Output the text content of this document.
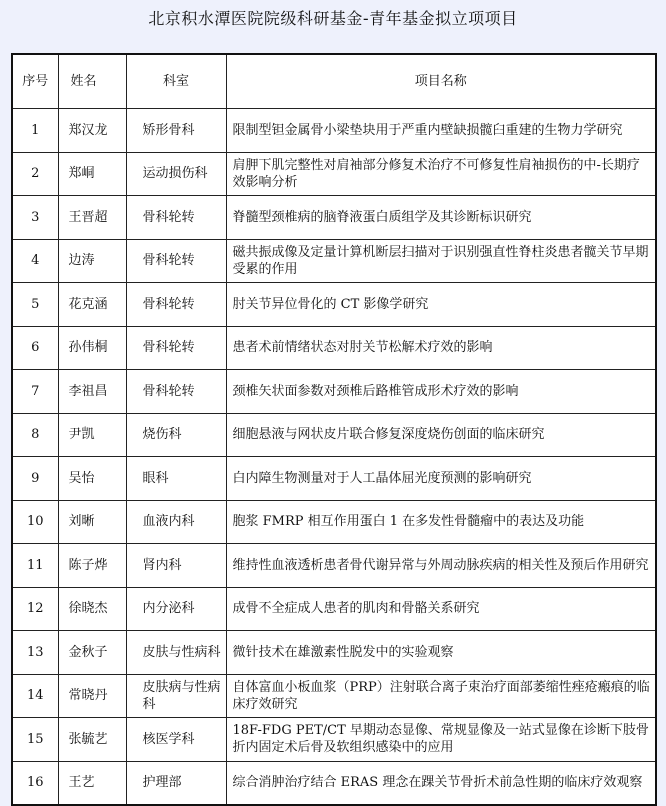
北京积水潭医院院级科研基金-青年基金拟立项项目
序号	姓名	科室	项目名称
1	郑汉龙	矫形骨科	限制型钽金属骨小梁垫块用于严重内壁缺损髋臼重建的生物力学研究
2	郑峒	运动损伤科	肩胛下肌完整性对肩袖部分修复术治疗不可修复性肩袖损伤的中-长期疗效影响分析
3	王晋超	骨科轮转	脊髓型颈椎病的脑脊液蛋白质组学及其诊断标识研究
4	边涛	骨科轮转	磁共振成像及定量计算机断层扫描对于识别强直性脊柱炎患者髋关节早期受累的作用
5	花克涵	骨科轮转	肘关节异位骨化的 CT 影像学研究
6	孙伟桐	骨科轮转	患者术前情绪状态对肘关节松解术疗效的影响
7	李祖昌	骨科轮转	颈椎矢状面参数对颈椎后路椎管成形术疗效的影响
8	尹凯	烧伤科	细胞悬液与网状皮片联合修复深度烧伤创面的临床研究
9	吴怡	眼科	白内障生物测量对于人工晶体屈光度预测的影响研究
10	刘晰	血液内科	胞浆 FMRP 相互作用蛋白 1 在多发性骨髓瘤中的表达及功能
11	陈子烨	肾内科	维持性血液透析患者骨代谢异常与外周动脉疾病的相关性及预后作用研究
12	徐晓杰	内分泌科	成骨不全症成人患者的肌肉和骨骼关系研究
13	金秋子	皮肤与性病科	微针技术在雄激素性脱发中的实验观察
14	常晓丹	皮肤病与性病科	自体富血小板血浆（PRP）注射联合离子束治疗面部萎缩性痤疮瘢痕的临床疗效研究
15	张毓艺	核医学科	18F-FDG PET/CT 早期动态显像、常规显像及一站式显像在诊断下肢骨折内固定术后骨及软组织感染中的应用
16	王艺	护理部	综合消肿治疗结合 ERAS 理念在踝关节骨折术前急性期的临床疗效观察
